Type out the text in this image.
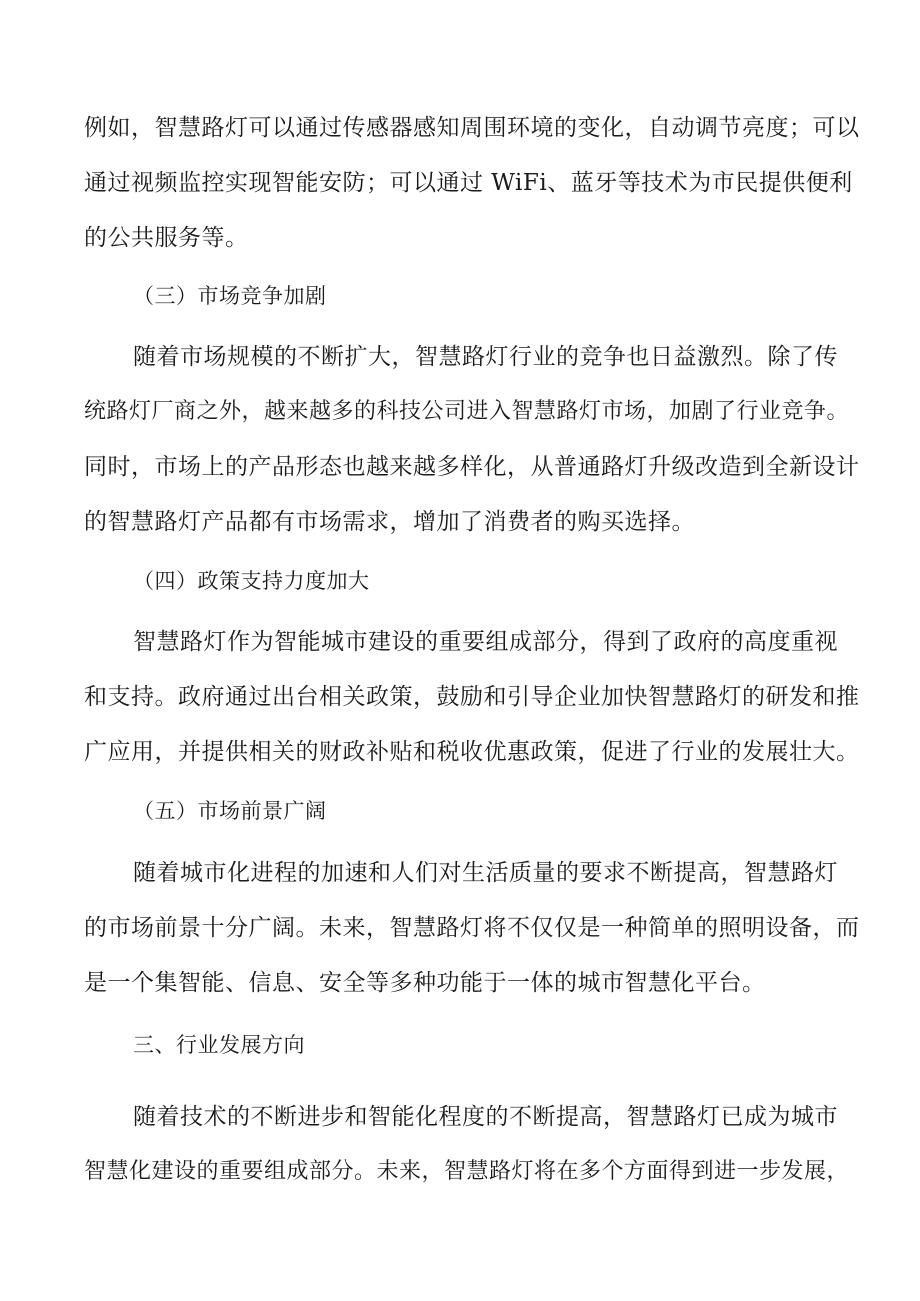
例如，智慧路灯可以通过传感器感知周围环境的变化，自动调节亮度；可以
通过视频监控实现智能安防；可以通过 WiFi、蓝牙等技术为市民提供便利
的公共服务等。
（三）市场竞争加剧
随着市场规模的不断扩大，智慧路灯行业的竞争也日益激烈。除了传
统路灯厂商之外，越来越多的科技公司进入智慧路灯市场，加剧了行业竞争。
同时，市场上的产品形态也越来越多样化，从普通路灯升级改造到全新设计
的智慧路灯产品都有市场需求，增加了消费者的购买选择。
（四）政策支持力度加大
智慧路灯作为智能城市建设的重要组成部分，得到了政府的高度重视
和支持。政府通过出台相关政策，鼓励和引导企业加快智慧路灯的研发和推
广应用，并提供相关的财政补贴和税收优惠政策，促进了行业的发展壮大。
（五）市场前景广阔
随着城市化进程的加速和人们对生活质量的要求不断提高，智慧路灯
的市场前景十分广阔。未来，智慧路灯将不仅仅是一种简单的照明设备，而
是一个集智能、信息、安全等多种功能于一体的城市智慧化平台。
三、行业发展方向
随着技术的不断进步和智能化程度的不断提高，智慧路灯已成为城市
智慧化建设的重要组成部分。未来，智慧路灯将在多个方面得到进一步发展，
